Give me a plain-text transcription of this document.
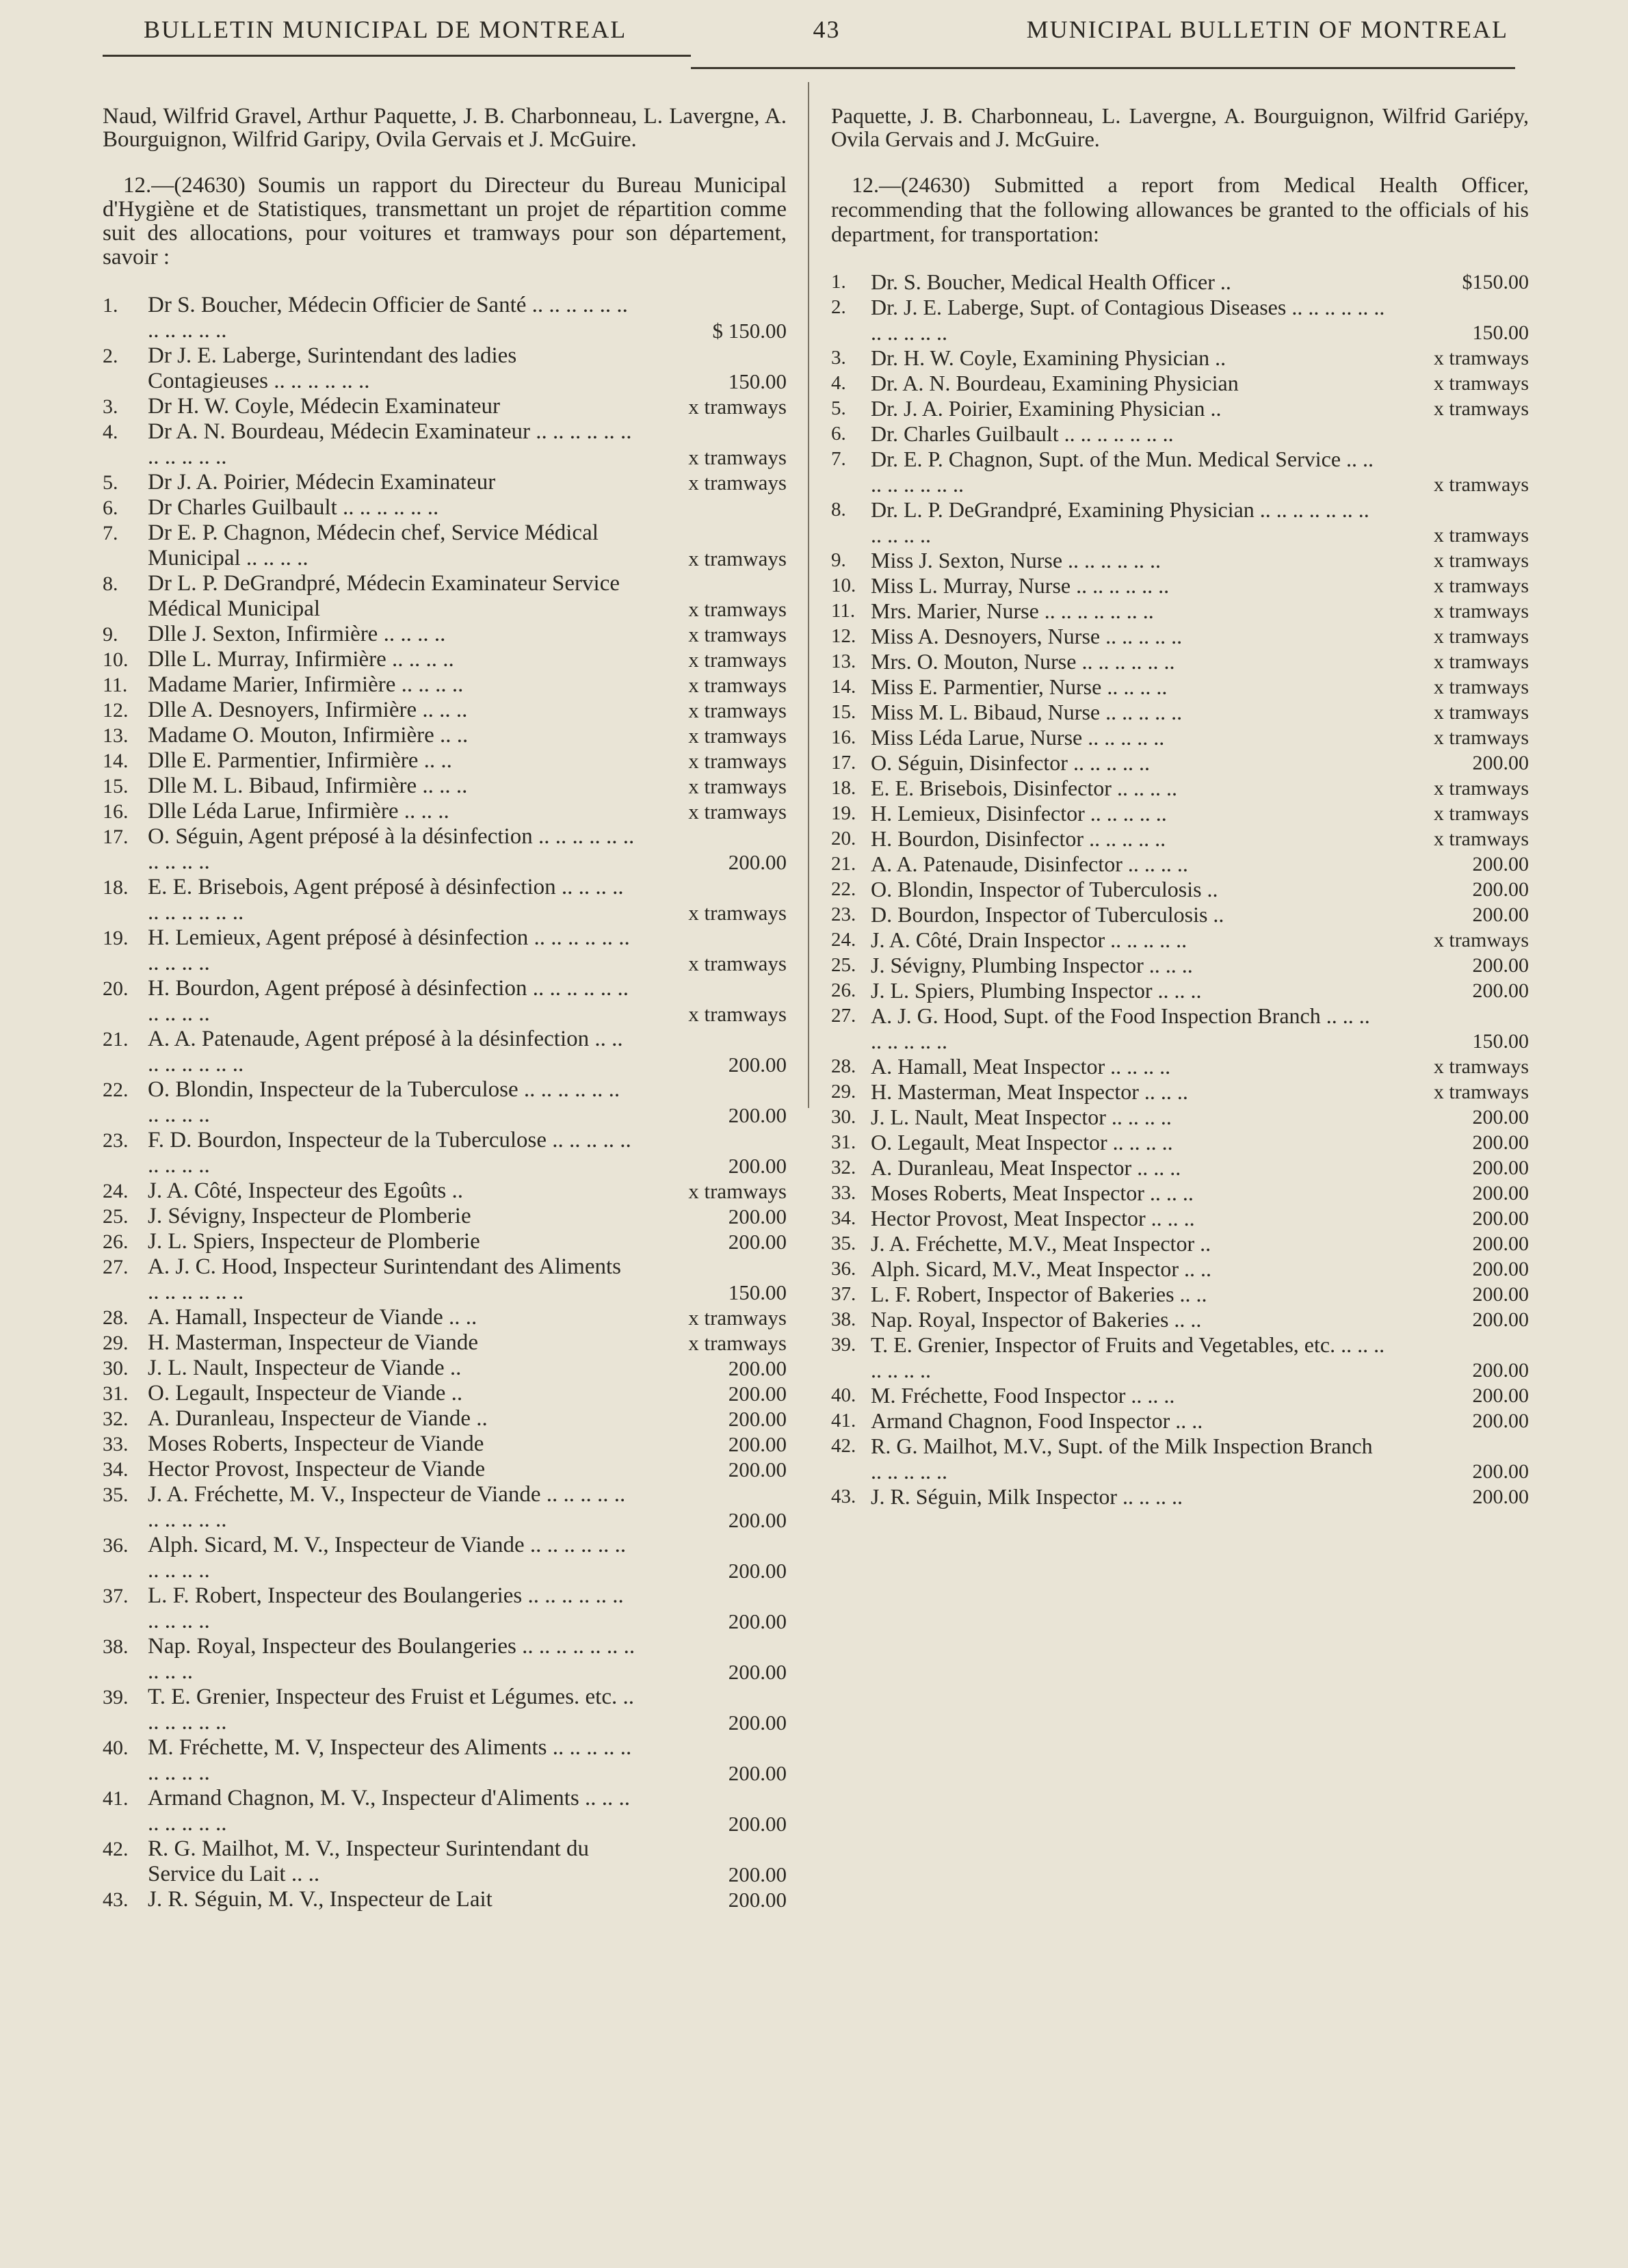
BULLETIN MUNICIPAL DE MONTREAL	43	MUNICIPAL BULLETIN OF MONTREAL

Naud, Wilfrid Gravel, Arthur Paquette, J. B. Charbonneau, L. Lavergne, A. Bourguignon, Wilfrid Garipy, Ovila Gervais et J. McGuire.

12.—(24630) Soumis un rapport du Directeur du Bureau Municipal d'Hygiène et de Statistiques, transmettant un projet de répartition comme suit des allocations, pour voitures et tramways pour son département, savoir :

1.	Dr S. Boucher, Médecin Officier de Santé .. .. .. .. .. .. .. .. .. .. ..	$ 150.00
2.	Dr J. E. Laberge, Surintendant des ladies Contagieuses .. .. .. .. .. ..	150.00
3.	Dr H. W. Coyle, Médecin Examinateur	x tramways
4.	Dr A. N. Bourdeau, Médecin Examinateur .. .. .. .. .. .. .. .. .. .. ..	x tramways
5.	Dr J. A. Poirier, Médecin Examinateur	x tramways
6.	Dr Charles Guilbault .. .. .. .. .. ..
7.	Dr E. P. Chagnon, Médecin chef, Service Médical Municipal .. .. .. ..	x tramways
8.	Dr L. P. DeGrandpré, Médecin Examinateur Service Médical Municipal	x tramways
9.	Dlle J. Sexton, Infirmière .. .. .. ..	x tramways
10. Dlle L. Murray, Infirmière .. .. .. ..	x tramways
11. Madame Marier, Infirmière .. .. .. ..	x tramways
12. Dlle A. Desnoyers, Infirmière .. .. ..	x tramways
13. Madame O. Mouton, Infirmière .. ..	x tramways
14. Dlle E. Parmentier, Infirmière .. ..	x tramways
15. Dlle M. L. Bibaud, Infirmière .. .. ..	x tramways
16. Dlle Léda Larue, Infirmière .. .. ..	x tramways
17. O. Séguin, Agent préposé à la désinfection .. .. .. .. .. .. .. .. .. ..	200.00
18. E. E. Brisebois, Agent préposé à désinfection .. .. .. .. .. .. .. .. .. ..	x tramways
19. H. Lemieux, Agent préposé à désinfection .. .. .. .. .. .. .. .. .. ..	x tramways
20. H. Bourdon, Agent préposé à désinfection .. .. .. .. .. .. .. .. .. ..	x tramways
21. A. A. Patenaude, Agent préposé à la désinfection .. .. .. .. .. .. .. ..	200.00
22. O. Blondin, Inspecteur de la Tuberculose .. .. .. .. .. .. .. .. .. ..	200.00
23. F. D. Bourdon, Inspecteur de la Tuberculose .. .. .. .. .. .. .. .. ..	200.00
24. J. A. Côté, Inspecteur des Egoûts ..	x tramways
25. J. Sévigny, Inspecteur de Plomberie	200.00
26. J. L. Spiers, Inspecteur de Plomberie	200.00
27. A. J. C. Hood, Inspecteur Surintendant des Aliments .. .. .. .. .. ..	150.00
28. A. Hamall, Inspecteur de Viande .. ..	x tramways
29. H. Masterman, Inspecteur de Viande	x tramways
30. J. L. Nault, Inspecteur de Viande ..	200.00
31. O. Legault, Inspecteur de Viande ..	200.00
32. A. Duranleau, Inspecteur de Viande ..	200.00
33. Moses Roberts, Inspecteur de Viande	200.00
34. Hector Provost, Inspecteur de Viande	200.00
35. J. A. Fréchette, M. V., Inspecteur de Viande .. .. .. .. .. .. .. .. .. ..	200.00
36. Alph. Sicard, M. V., Inspecteur de Viande .. .. .. .. .. .. .. .. .. ..	200.00
37. L. F. Robert, Inspecteur des Boulangeries .. .. .. .. .. .. .. .. .. ..	200.00
38. Nap. Royal, Inspecteur des Boulangeries .. .. .. .. .. .. .. .. .. ..	200.00
39. T. E. Grenier, Inspecteur des Fruist et Légumes. etc. .. .. .. .. .. ..	200.00
40. M. Fréchette, M. V, Inspecteur des Aliments .. .. .. .. .. .. .. .. ..	200.00
41. Armand Chagnon, M. V., Inspecteur d'Aliments .. .. .. .. .. .. .. ..	200.00
42. R. G. Mailhot, M. V., Inspecteur Surintendant du Service du Lait .. ..	200.00
43. J. R. Séguin, M. V., Inspecteur de Lait	200.00

Paquette, J. B. Charbonneau, L. Lavergne, A. Bourguignon, Wilfrid Gariépy, Ovila Gervais and J. McGuire.

12.—(24630) Submitted a report from Medical Health Officer, recommending that the following allowances be granted to the officials of his department, for transportation:

1.	Dr. S. Boucher, Medical Health Officer ..	$150.00
2.	Dr. J. E. Laberge, Supt. of Contagious Diseases .. .. .. .. .. .. .. .. .. .. ..	150.00
3.	Dr. H. W. Coyle, Examining Physician ..	x tramways
4.	Dr. A. N. Bourdeau, Examining Physician	x tramways
5.	Dr. J. A. Poirier, Examining Physician ..	x tramways
6.	Dr. Charles Guilbault .. .. .. .. .. .. ..
7.	Dr. E. P. Chagnon, Supt. of the Mun. Medical Service .. .. .. .. .. .. .. ..	x tramways
8.	Dr. L. P. DeGrandpré, Examining Physician .. .. .. .. .. .. .. .. .. .. ..	x tramways
9.	Miss J. Sexton, Nurse .. .. .. .. .. ..	x tramways
10. Miss L. Murray, Nurse .. .. .. .. .. ..	x tramways
11. Mrs. Marier, Nurse .. .. .. .. .. .. ..	x tramways
12. Miss A. Desnoyers, Nurse .. .. .. .. ..	x tramways
13. Mrs. O. Mouton, Nurse .. .. .. .. .. ..	x tramways
14. Miss E. Parmentier, Nurse .. .. .. ..	x tramways
15. Miss M. L. Bibaud, Nurse .. .. .. .. ..	x tramways
16. Miss Léda Larue, Nurse .. .. .. .. ..	x tramways
17. O. Séguin, Disinfector .. .. .. .. ..	200.00
18. E. E. Brisebois, Disinfector .. .. .. ..	x tramways
19. H. Lemieux, Disinfector .. .. .. .. ..	x tramways
20. H. Bourdon, Disinfector .. .. .. .. ..	x tramways
21. A. A. Patenaude, Disinfector .. .. .. ..	200.00
22. O. Blondin, Inspector of Tuberculosis ..	200.00
23. D. Bourdon, Inspector of Tuberculosis ..	200.00
24. J. A. Côté, Drain Inspector .. .. .. .. ..	x tramways
25. J. Sévigny, Plumbing Inspector .. .. ..	200.00
26. J. L. Spiers, Plumbing Inspector .. .. ..	200.00
27. A. J. G. Hood, Supt. of the Food Inspection Branch .. .. .. .. .. .. .. ..	150.00
28. A. Hamall, Meat Inspector .. .. .. ..	x tramways
29. H. Masterman, Meat Inspector .. .. ..	x tramways
30. J. L. Nault, Meat Inspector .. .. .. ..	200.00
31. O. Legault, Meat Inspector .. .. .. ..	200.00
32. A. Duranleau, Meat Inspector .. .. ..	200.00
33. Moses Roberts, Meat Inspector .. .. ..	200.00
34. Hector Provost, Meat Inspector .. .. ..	200.00
35. J. A. Fréchette, M.V., Meat Inspector ..	200.00
36. Alph. Sicard, M.V., Meat Inspector .. ..	200.00
37. L. F. Robert, Inspector of Bakeries .. ..	200.00
38. Nap. Royal, Inspector of Bakeries .. ..	200.00
39. T. E. Grenier, Inspector of Fruits and Vegetables, etc. .. .. .. .. .. .. ..	200.00
40. M. Fréchette, Food Inspector .. .. ..	200.00
41. Armand Chagnon, Food Inspector .. ..	200.00
42. R. G. Mailhot, M.V., Supt. of the Milk Inspection Branch .. .. .. .. ..	200.00
43. J. R. Séguin, Milk Inspector .. .. .. ..	200.00
